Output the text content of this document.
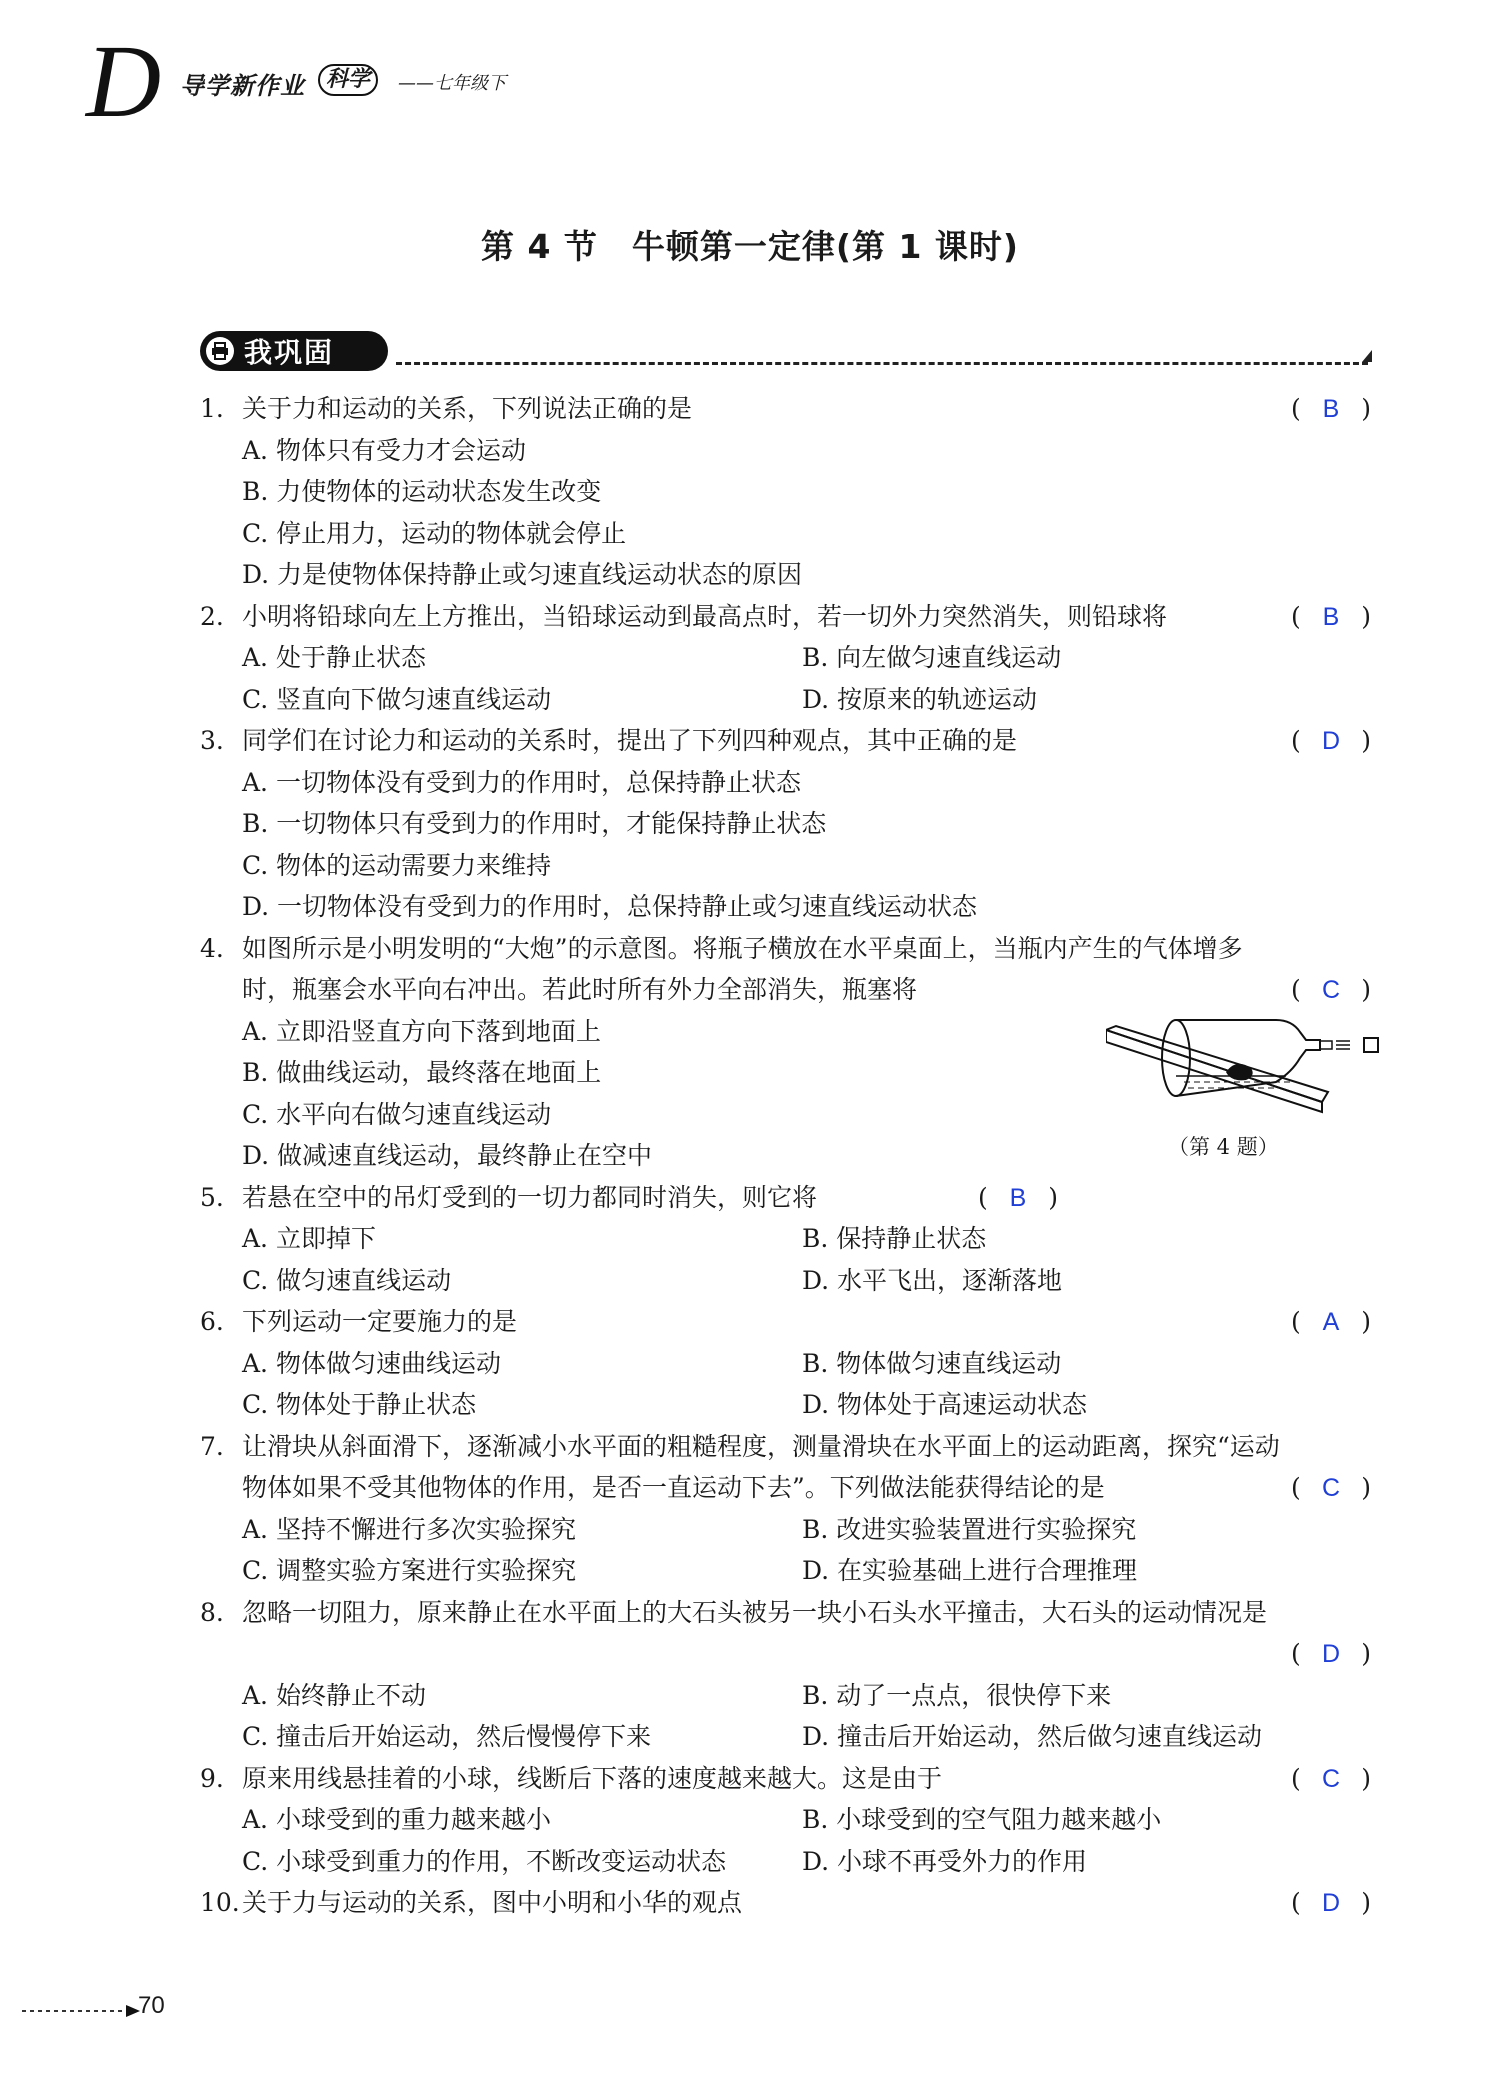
D 导学新作业 科学	——七年级下
第 4 节　牛顿第一定律(第 1 课时)
我巩固
1. 关于力和运动的关系，下列说法正确的是	( B )
A. 物体只有受力才会运动
B. 力使物体的运动状态发生改变
C. 停止用力，运动的物体就会停止
D. 力是使物体保持静止或匀速直线运动状态的原因
2. 小明将铅球向左上方推出，当铅球运动到最高点时，若一切外力突然消失，则铅球将	( B )
A. 处于静止状态	B. 向左做匀速直线运动
C. 竖直向下做匀速直线运动	D. 按原来的轨迹运动
3. 同学们在讨论力和运动的关系时，提出了下列四种观点，其中正确的是	( D )
A. 一切物体没有受到力的作用时，总保持静止状态
B. 一切物体只有受到力的作用时，才能保持静止状态
C. 物体的运动需要力来维持
D. 一切物体没有受到力的作用时，总保持静止或匀速直线运动状态
4. 如图所示是小明发明的“大炮”的示意图。将瓶子横放在水平桌面上，当瓶内产生的气体增多
时，瓶塞会水平向右冲出。若此时所有外力全部消失，瓶塞将	( C )
A. 立即沿竖直方向下落到地面上
B. 做曲线运动，最终落在地面上
C. 水平向右做匀速直线运动
D. 做减速直线运动，最终静止在空中
5. 若悬在空中的吊灯受到的一切力都同时消失，则它将	( B )
A. 立即掉下	B. 保持静止状态
C. 做匀速直线运动	D. 水平飞出，逐渐落地
6. 下列运动一定要施力的是	( A )
A. 物体做匀速曲线运动	B. 物体做匀速直线运动
C. 物体处于静止状态	D. 物体处于高速运动状态
7. 让滑块从斜面滑下，逐渐减小水平面的粗糙程度，测量滑块在水平面上的运动距离，探究“运动
物体如果不受其他物体的作用，是否一直运动下去”。下列做法能获得结论的是	( C )
A. 坚持不懈进行多次实验探究	B. 改进实验装置进行实验探究
C. 调整实验方案进行实验探究	D. 在实验基础上进行合理推理
8. 忽略一切阻力，原来静止在水平面上的大石头被另一块小石头水平撞击，大石头的运动情况是
( D )
A. 始终静止不动	B. 动了一点点，很快停下来
C. 撞击后开始运动，然后慢慢停下来	D. 撞击后开始运动，然后做匀速直线运动
9. 原来用线悬挂着的小球，线断后下落的速度越来越大。这是由于	( C )
A. 小球受到的重力越来越小	B. 小球受到的空气阻力越来越小
C. 小球受到重力的作用，不断改变运动状态	D. 小球不再受外力的作用
10. 关于力与运动的关系，图中小明和小华的观点	( D )
（第 4 题）
70
